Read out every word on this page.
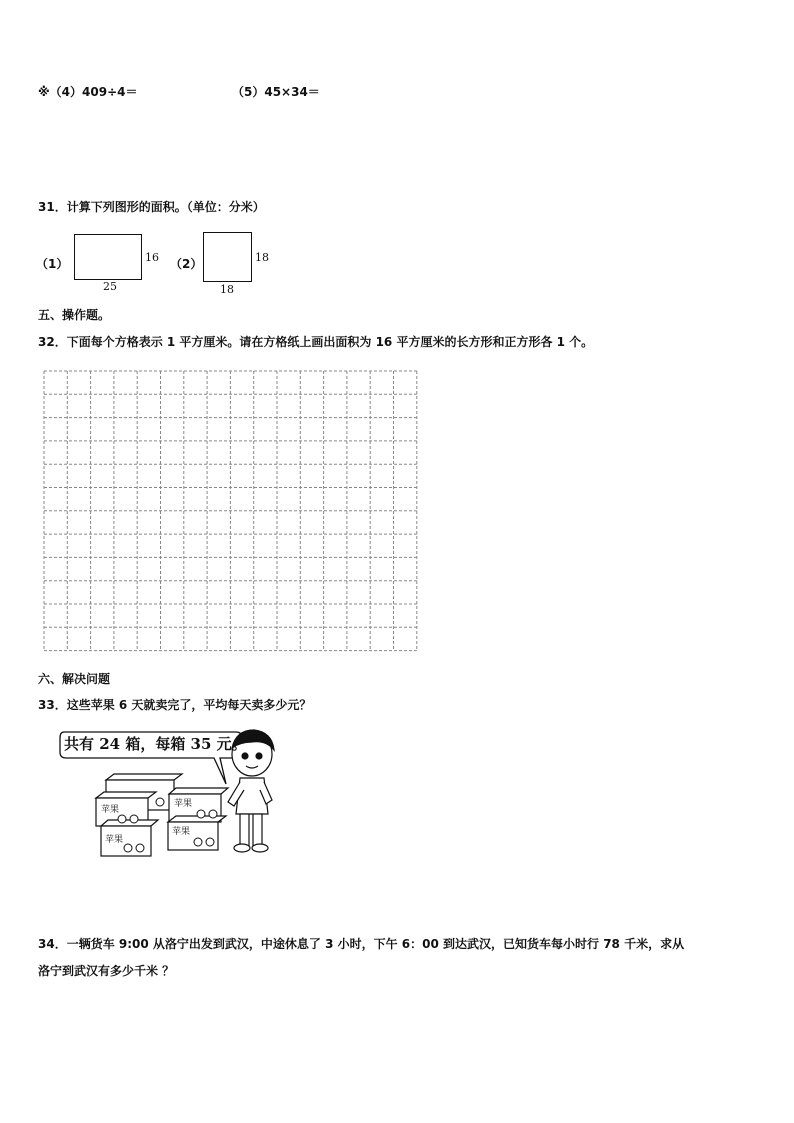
※（4）409÷4＝	（5）45×34＝
31．计算下列图形的面积。（单位：分米）
（1）	16
25
（2）	18
18
五、操作题。
32．下面每个方格表示 1 平方厘米。请在方格纸上画出面积为 16 平方厘米的长方形和正方形各 1 个。
六、解决问题
33．这些苹果 6 天就卖完了，平均每天卖多少元？
苹果
苹果
苹果
苹果
共有 24 箱，每箱 35 元。
34．一辆货车 9:00 从洛宁出发到武汉，中途休息了 3 小时，下午 6：00 到达武汉，已知货车每小时行 78 千米，求从
洛宁到武汉有多少千米 ？
